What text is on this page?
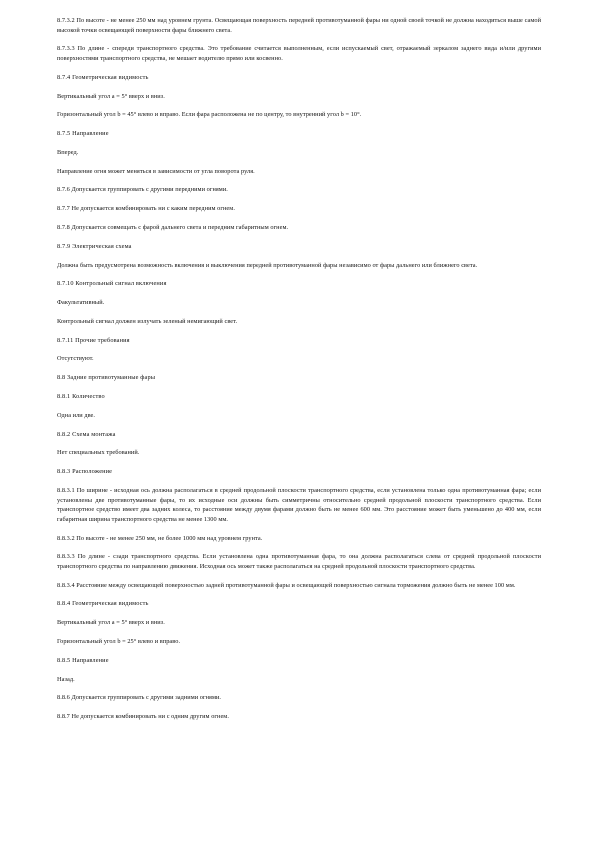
8.7.3.2 По высоте - не менее 250 мм над уровнем грунта. Освещающая поверхность передней противотуманной фары ни одной своей точкой не должна находиться выше самой высокой точки освещающей поверхности фары ближнего света.

8.7.3.3 По длине - спереди транспортного средства. Это требование считается выполненным, если испускаемый свет, отражаемый зеркалом заднего вида и/или другими поверхностями транспортного средства, не мешает водителю прямо или косвенно.

8.7.4 Геометрическая видимость

Вертикальный угол a = 5° вверх и вниз.

Горизонтальный угол b = 45° влево и вправо. Если фара расположена не по центру, то внутренний угол b = 10°.

8.7.5 Направление

Вперед.

Направление огня может меняться в зависимости от угла поворота руля.

8.7.6 Допускается группировать с другими передними огнями.

8.7.7 Не допускается комбинировать ни с каким передним огнем.

8.7.8 Допускается совмещать с фарой дальнего света и передним габаритным огнем.

8.7.9 Электрическая схема

Должна быть предусмотрена возможность включения и выключения передней противотуманной фары независимо от фары дальнего или ближнего света.

8.7.10 Контрольный сигнал включения

Факультативный.

Контрольный сигнал должен излучать зеленый немигающий свет.

8.7.11 Прочие требования

Отсутствуют.

8.8 Задние противотуманные фары

8.8.1 Количество

Одна или две.

8.8.2 Схема монтажа

Нет специальных требований.

8.8.3 Расположение

8.8.3.1 По ширине - исходная ось должна располагаться в средней продольной плоскости транспортного средства, если установлена только одна противотуманная фара; если установлены две противотуманные фары, то их исходные оси должны быть симметричны относительно средней продольной плоскости транспортного средства. Если транспортное средство имеет два задних колеса, то расстояние между двумя фарами должно быть не менее 600 мм. Это расстояние может быть уменьшено до 400 мм, если габаритная ширина транспортного средства не менее 1300 мм.

8.8.3.2 По высоте - не менее 250 мм, не более 1000 мм над уровнем грунта.

8.8.3.3 По длине - сзади транспортного средства. Если установлена одна противотуманная фара, то она должна располагаться слева от средней продольной плоскости транспортного средства по направлению движения. Исходная ось может также располагаться на средней продольной плоскости транспортного средства.

8.8.3.4 Расстояние между освещающей поверхностью задней противотуманной фары и освещающей поверхностью сигнала торможения должно быть не менее 100 мм.

8.8.4 Геометрическая видимость

Вертикальный угол a = 5° вверх и вниз.

Горизонтальный угол b = 25° влево и вправо.

8.8.5 Направление

Назад.

8.8.6 Допускается группировать с другими задними огнями.

8.8.7 Не допускается комбинировать ни с одним другим огнем.
